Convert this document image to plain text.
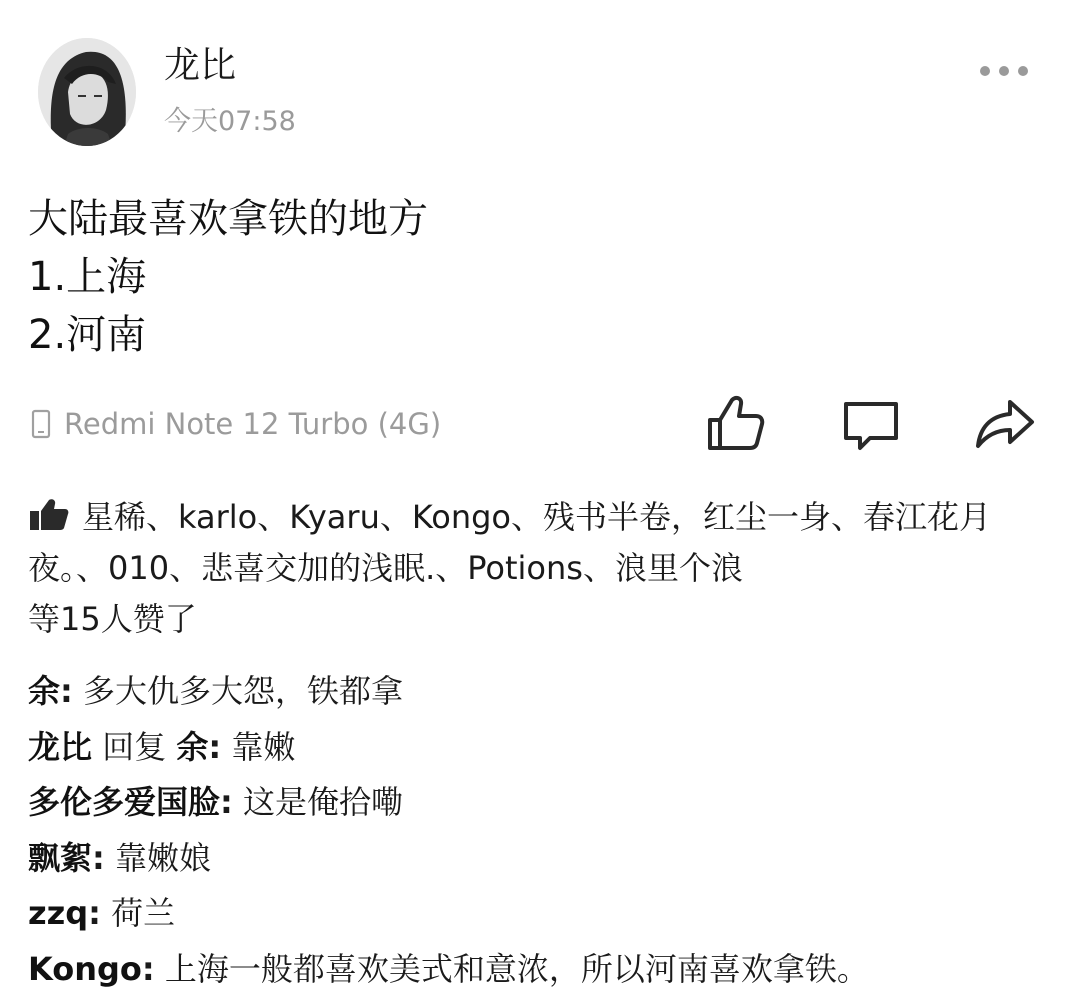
龙比
今天07:58
大陆最喜欢拿铁的地方
1.上海
2.河南
Redmi Note 12 Turbo (4G)
星稀、karlo、Kyaru、Kongo、残书半卷，红尘一身、春江花月夜。、010、悲喜交加的浅眠.、Potions、浪里个浪
等15人赞了
余: 多大仇多大怨，铁都拿
龙比 回复 余: 靠嫩
多伦多爱国脸: 这是俺拾嘞
飘絮: 靠嫩娘
zzq: 荷兰
Kongo: 上海一般都喜欢美式和意浓，所以河南喜欢拿铁。
